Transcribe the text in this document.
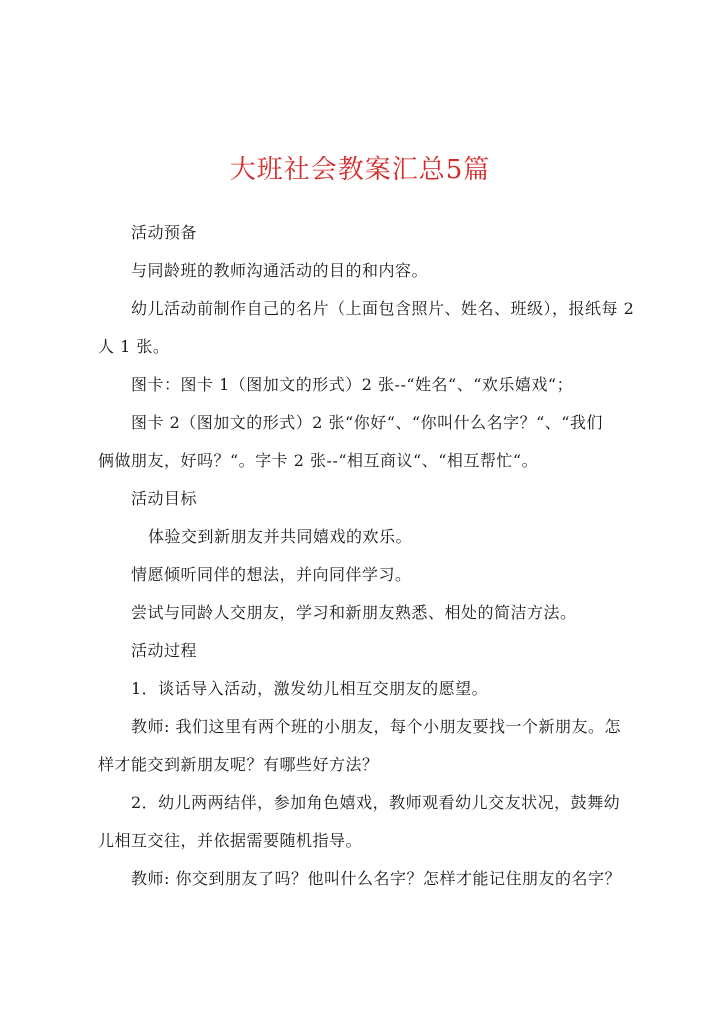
大班社会教案汇总5篇

活动预备

与同龄班的教师沟通活动的目的和内容。

幼儿活动前制作自己的名片（上面包含照片、姓名、班级），报纸每 2

人 1 张。

图卡：图卡 1（图加文的形式）2 张--“姓名“、“欢乐嬉戏“；

图卡 2（图加文的形式）2 张“你好“、“你叫什么名字？“、“我们

俩做朋友，好吗？“。字卡 2 张--“相互商议“、“相互帮忙“。

活动目标

体验交到新朋友并共同嬉戏的欢乐。

情愿倾听同伴的想法，并向同伴学习。

尝试与同龄人交朋友，学习和新朋友熟悉、相处的简洁方法。

活动过程

1．谈话导入活动，激发幼儿相互交朋友的愿望。

教师: 我们这里有两个班的小朋友，每个小朋友要找一个新朋友。怎

样才能交到新朋友呢？有哪些好方法？

2．幼儿两两结伴，参加角色嬉戏，教师观看幼儿交友状况，鼓舞幼

儿相互交往，并依据需要随机指导。

教师: 你交到朋友了吗？他叫什么名字？怎样才能记住朋友的名字？
